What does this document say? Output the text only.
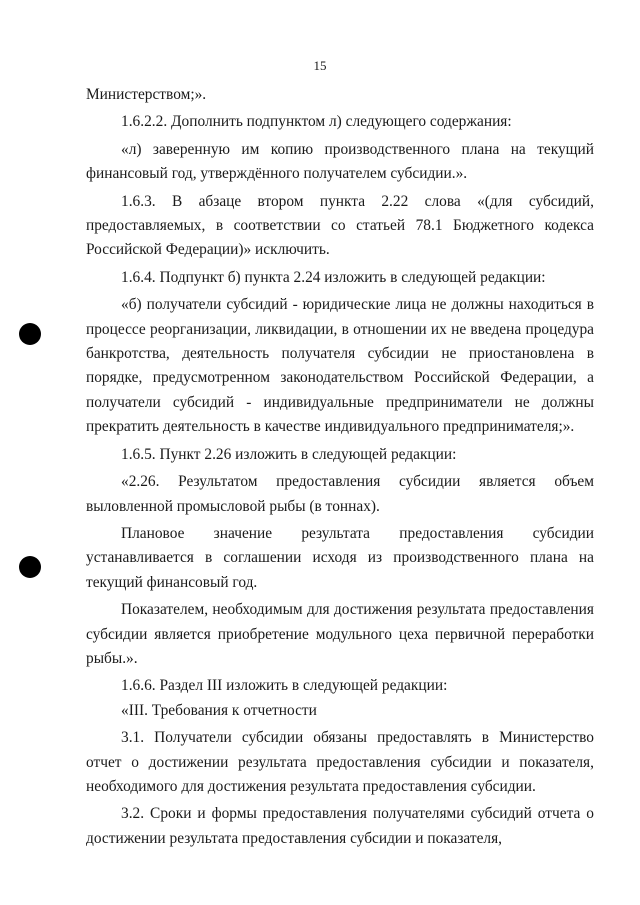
15

Министерством;».

1.6.2.2. Дополнить подпунктом л) следующего содержания:

«л) заверенную им копию производственного плана на текущий финансовый год, утверждённого получателем субсидии.».

1.6.3. В абзаце втором пункта 2.22 слова «(для субсидий, предоставляемых, в соответствии со статьей 78.1 Бюджетного кодекса Российской Федерации)» исключить.

1.6.4. Подпункт б) пункта 2.24 изложить в следующей редакции:

«б) получатели субсидий - юридические лица не должны находиться в процессе реорганизации, ликвидации, в отношении их не введена процедура банкротства, деятельность получателя субсидии не приостановлена в порядке, предусмотренном законодательством Российской Федерации, а получатели субсидий - индивидуальные предприниматели не должны прекратить деятельность в качестве индивидуального предпринимателя;».

1.6.5. Пункт 2.26 изложить в следующей редакции:

«2.26. Результатом предоставления субсидии является объем выловленной промысловой рыбы (в тоннах).

Плановое значение результата предоставления субсидии устанавливается в соглашении исходя из производственного плана на текущий финансовый год.

Показателем, необходимым для достижения результата предоставления субсидии является приобретение модульного цеха первичной переработки рыбы.».

1.6.6. Раздел III изложить в следующей редакции:

«III. Требования к отчетности

3.1. Получатели субсидии обязаны предоставлять в Министерство отчет о достижении результата предоставления субсидии и показателя, необходимого для достижения результата предоставления субсидии.

3.2. Сроки и формы предоставления получателями субсидий отчета о достижении результата предоставления субсидии и показателя,
